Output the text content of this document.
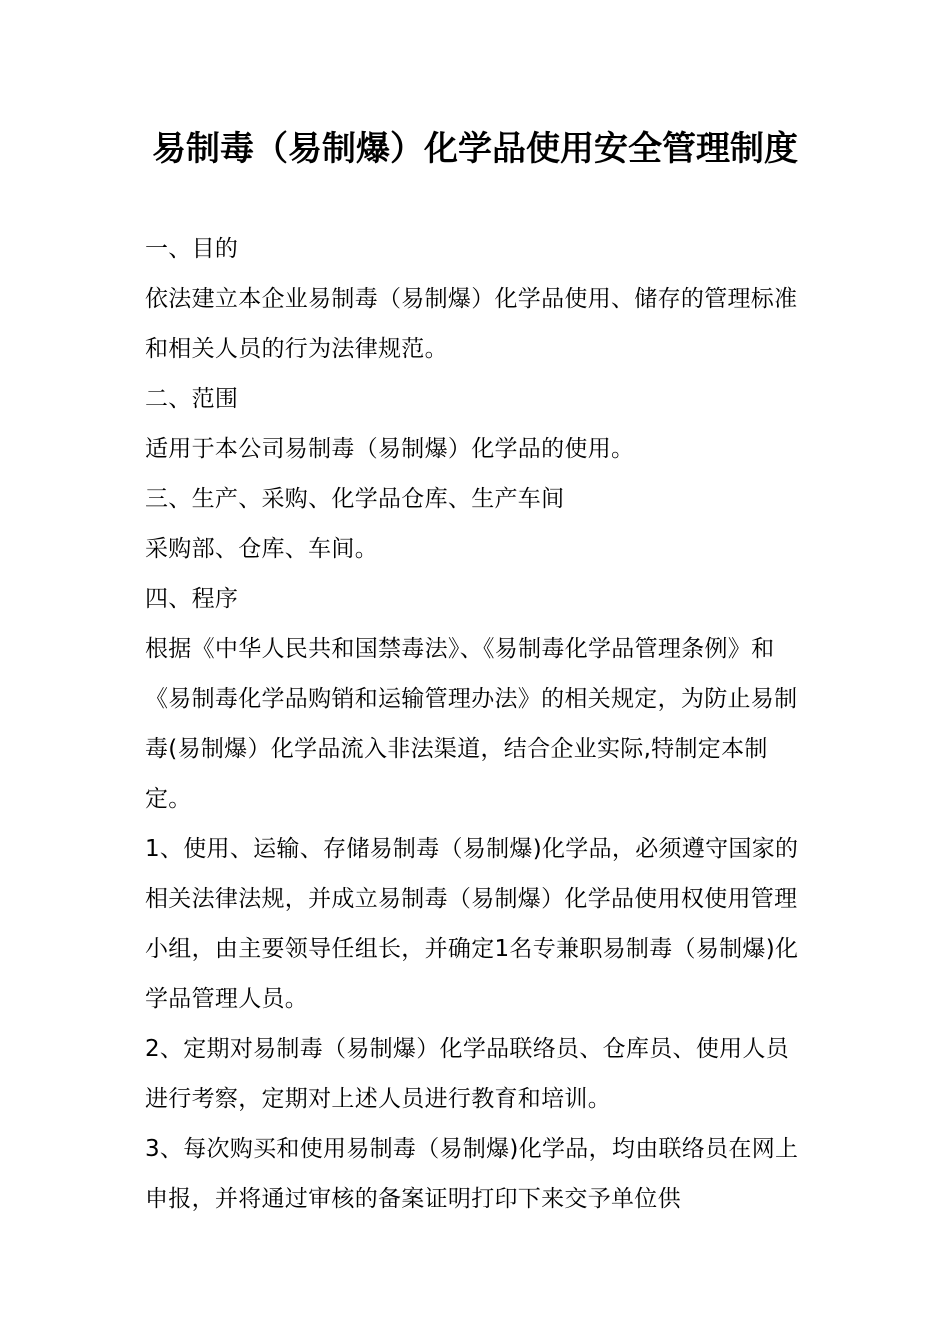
易制毒（易制爆）化学品使用安全管理制度

一、目的

依法建立本企业易制毒（易制爆）化学品使用、储存的管理标准和相关人员的行为法律规范。

二、范围

适用于本公司易制毒（易制爆）化学品的使用。

三、生产、采购、化学品仓库、生产车间

采购部、仓库、车间。

四、程序

根据《中华人民共和国禁毒法》、《易制毒化学品管理条例》和《易制毒化学品购销和运输管理办法》的相关规定，为防止易制毒(易制爆）化学品流入非法渠道，结合企业实际,特制定本制定。

1、使用、运输、存储易制毒（易制爆)化学品，必须遵守国家的相关法律法规，并成立易制毒（易制爆）化学品使用权使用管理小组，由主要领导任组长，并确定1名专兼职易制毒（易制爆)化学品管理人员。

2、定期对易制毒（易制爆）化学品联络员、仓库员、使用人员进行考察，定期对上述人员进行教育和培训。

3、每次购买和使用易制毒（易制爆)化学品，均由联络员在网上申报，并将通过审核的备案证明打印下来交予单位供
